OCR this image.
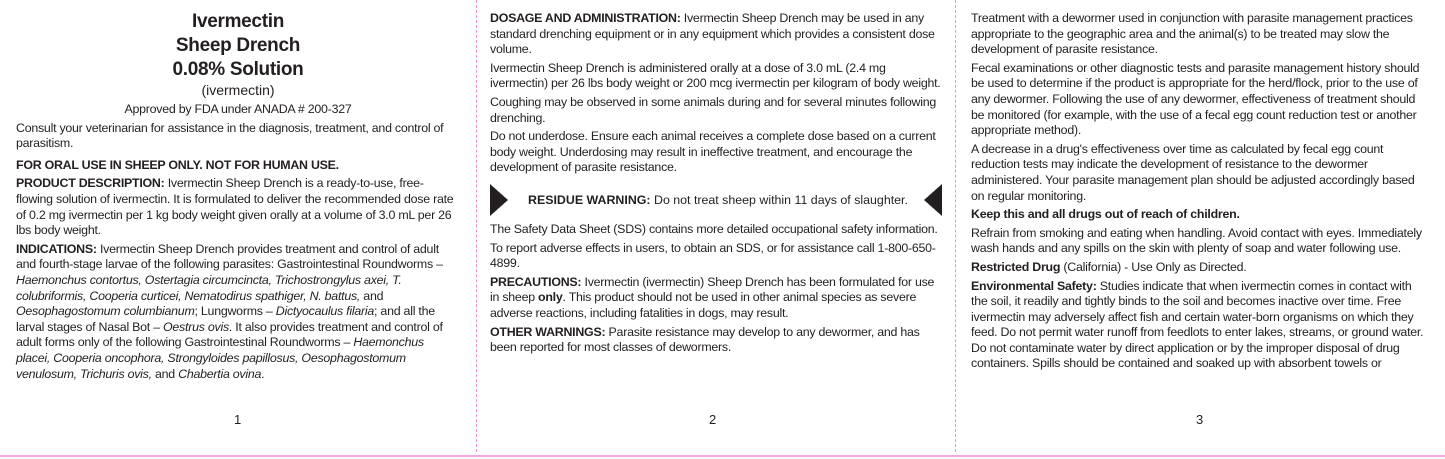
Ivermectin
Sheep Drench
0.08% Solution
(ivermectin)

Approved by FDA under ANADA # 200-327

Consult your veterinarian for assistance in the diagnosis, treatment, and control of parasitism.

FOR ORAL USE IN SHEEP ONLY. NOT FOR HUMAN USE.

PRODUCT DESCRIPTION: Ivermectin Sheep Drench is a ready-to-use, free-flowing solution of ivermectin. It is formulated to deliver the recommended dose rate of 0.2 mg ivermectin per 1 kg body weight given orally at a volume of 3.0 mL per 26 lbs body weight.

INDICATIONS: Ivermectin Sheep Drench provides treatment and control of adult and fourth-stage larvae of the following parasites: Gastrointestinal Roundworms – Haemonchus contortus, Ostertagia circumcincta, Trichostrongylus axei, T. colubriformis, Cooperia curticei, Nematodirus spathiger, N. battus, and Oesophagostomum columbianum; Lungworms – Dictyocaulus filaria; and all the larval stages of Nasal Bot – Oestrus ovis. It also provides treatment and control of adult forms only of the following Gastrointestinal Roundworms – Haemonchus placei, Cooperia oncophora, Strongyloides papillosus, Oesophagostomum venulosum, Trichuris ovis, and Chabertia ovina.

1

DOSAGE AND ADMINISTRATION: Ivermectin Sheep Drench may be used in any standard drenching equipment or in any equipment which provides a consistent dose volume.

Ivermectin Sheep Drench is administered orally at a dose of 3.0 mL (2.4 mg ivermectin) per 26 lbs body weight or 200 mcg ivermectin per kilogram of body weight.

Coughing may be observed in some animals during and for several minutes following drenching.

Do not underdose. Ensure each animal receives a complete dose based on a current body weight. Underdosing may result in ineffective treatment, and encourage the development of parasite resistance.

RESIDUE WARNING: Do not treat sheep within 11 days of slaughter.

The Safety Data Sheet (SDS) contains more detailed occupational safety information.

To report adverse effects in users, to obtain an SDS, or for assistance call 1-800-650-4899.

PRECAUTIONS: Ivermectin (ivermectin) Sheep Drench has been formulated for use in sheep only. This product should not be used in other animal species as severe adverse reactions, including fatalities in dogs, may result.

OTHER WARNINGS: Parasite resistance may develop to any dewormer, and has been reported for most classes of dewormers.

2

Treatment with a dewormer used in conjunction with parasite management practices appropriate to the geographic area and the animal(s) to be treated may slow the development of parasite resistance.

Fecal examinations or other diagnostic tests and parasite management history should be used to determine if the product is appropriate for the herd/flock, prior to the use of any dewormer. Following the use of any dewormer, effectiveness of treatment should be monitored (for example, with the use of a fecal egg count reduction test or another appropriate method).

A decrease in a drug's effectiveness over time as calculated by fecal egg count reduction tests may indicate the development of resistance to the dewormer administered. Your parasite management plan should be adjusted accordingly based on regular monitoring.

Keep this and all drugs out of reach of children.

Refrain from smoking and eating when handling. Avoid contact with eyes. Immediately wash hands and any spills on the skin with plenty of soap and water following use.

Restricted Drug (California) - Use Only as Directed.

Environmental Safety: Studies indicate that when ivermectin comes in contact with the soil, it readily and tightly binds to the soil and becomes inactive over time. Free ivermectin may adversely affect fish and certain water-born organisms on which they feed. Do not permit water runoff from feedlots to enter lakes, streams, or ground water. Do not contaminate water by direct application or by the improper disposal of drug containers. Spills should be contained and soaked up with absorbent towels or

3
